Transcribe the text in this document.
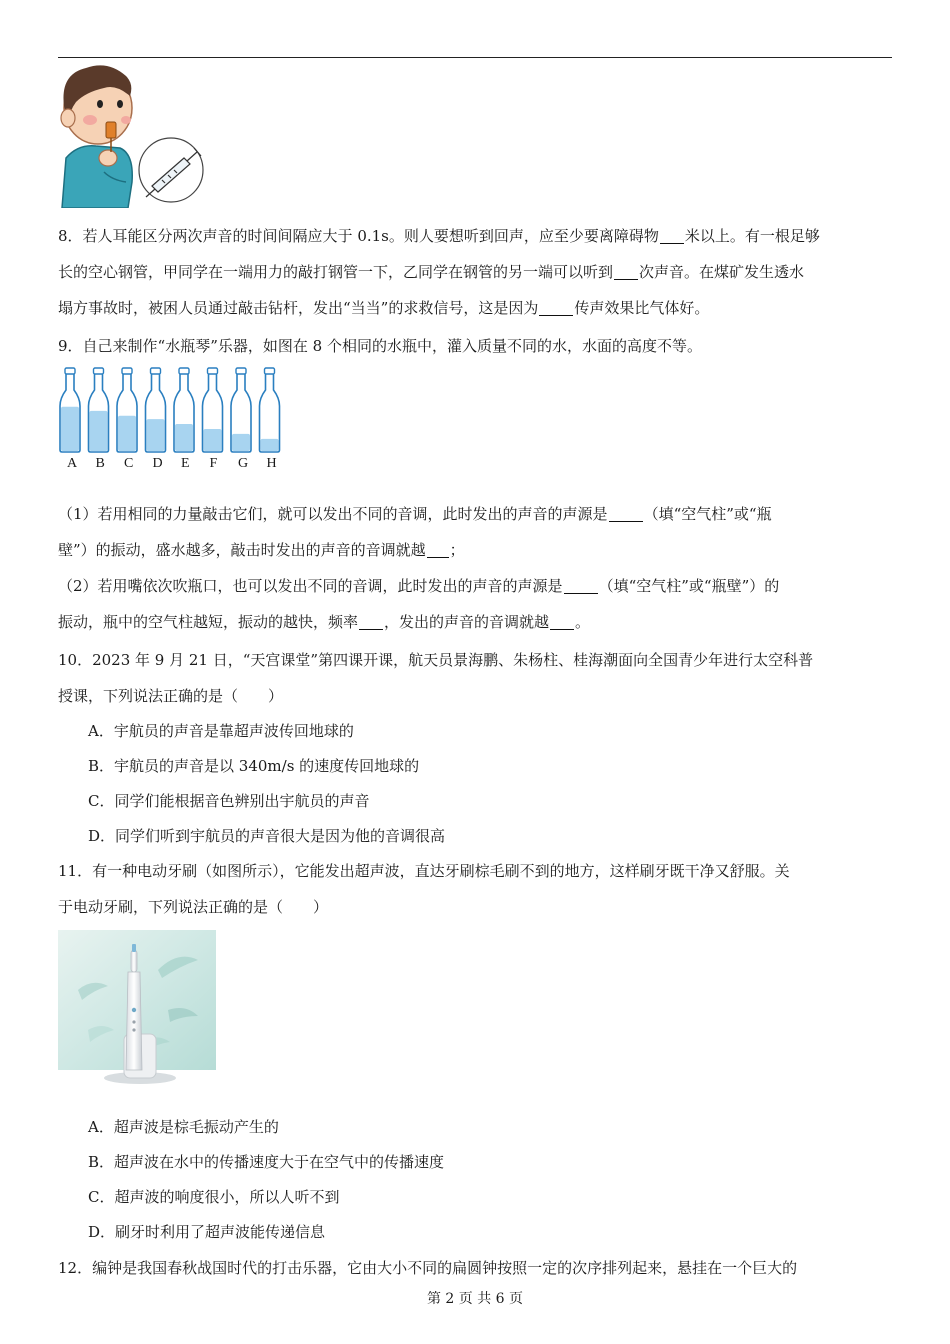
8．若人耳能区分两次声音的时间间隔应大于 0.1s。则人要想听到回声，应至少要离障碍物 米以上。有一根足够
长的空心钢管，甲同学在一端用力的敲打钢管一下，乙同学在钢管的另一端可以听到 次声音。在煤矿发生透水
塌方事故时，被困人员通过敲击钻杆，发出“当当”的求救信号，这是因为 传声效果比气体好。
9．自己来制作“水瓶琴”乐器，如图在 8 个相同的水瓶中，灌入质量不同的水，水面的高度不等。
A B C D E F G H
（1）若用相同的力量敲击它们，就可以发出不同的音调，此时发出的声音的声源是 （填“空气柱”或“瓶
壁”）的振动，盛水越多，敲击时发出的声音的音调就越 ；
（2）若用嘴依次吹瓶口，也可以发出不同的音调，此时发出的声音的声源是 （填“空气柱”或“瓶壁”）的
振动，瓶中的空气柱越短，振动的越快，频率 ，发出的声音的音调就越 。
10．2023 年 9 月 21 日，“天宫课堂”第四课开课，航天员景海鹏、朱杨柱、桂海潮面向全国青少年进行太空科普
授课，下列说法正确的是（　　）

A．宇航员的声音是靠超声波传回地球的

B．宇航员的声音是以 340m/s 的速度传回地球的

C．同学们能根据音色辨别出宇航员的声音

D．同学们听到宇航员的声音很大是因为他的音调很高

11．有一种电动牙刷（如图所示），它能发出超声波，直达牙刷棕毛刷不到的地方，这样刷牙既干净又舒服。关
于电动牙刷，下列说法正确的是（　　）

A．超声波是棕毛振动产生的

B．超声波在水中的传播速度大于在空气中的传播速度

C．超声波的响度很小，所以人听不到

D．刷牙时利用了超声波能传递信息

12．编钟是我国春秋战国时代的打击乐器，它由大小不同的扁圆钟按照一定的次序排列起来，悬挂在一个巨大的
第 2 页 共 6 页
